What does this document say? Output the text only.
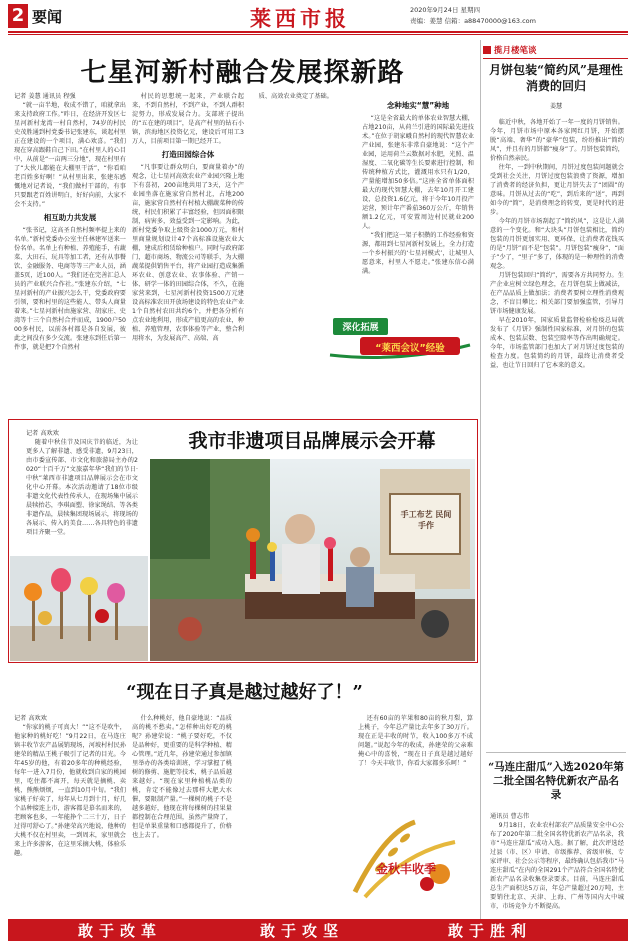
2 要闻	莱西市报	2020年9月24日 星期四
责编：姜慧 信箱：a88470000@163.com
七星河新村融合发展探新路
记者 姜慧 通讯员 程强

“就一亩半地，收成不错了，咱就拿出来支持政府工作。”昨日，在经济开发区七星河新村龙湾一村自然村，74岁的村民史茂胜通到村党委书记张建东，谈起村里正在建设的一个项目，满心欢喜。“我们现在穿高跟鞋自己下田。”在村里人的心目中，从前是“一亩两三分地”，现在村里有了“大伙儿都能在大棚里干活”，“你看咱老百姓多好啊！”从村里出来，张建东感慨地对记者说，“我们做村干部的，有事只要跟老百姓讲明白，好好向前，大家不会不支持。”

相互助力共发展

“张书记，这高圣自然村频率提上来的名单。”新村党委办公室主任林建军送来一份名单。名单上有种植、养殖能手，有蔬菜、大田石、玩具等加工者，还有从事餐饮、金融服务、电商等等三产业人员，涵盖5页，近100人。“我们还在完善汇总人员的产业联兴合作社。”张建东介绍，“七星河新村的产业振兴怎么干，党委政府要引领，要和村里的这些能人、带头人商量着来。”七星河新村由施家营、胡家庄、史湾等十三个自然村合并而成，1900户5000多村民，以前各村都是各自发展，彼此之间没有多少交流。张建东到任后第一件事，就是把7个自然村

村民的思想统一起来，产业联合起来，不到自然村，不到产业，不到人群积淀努力，形成发展合力。支部班子提出的“五在建的项目”，是高产村里的钻石小镇，滨海地区投资亿元，建设后可用工3万人，目前项目第一期已经开工。

打造田园综合体

“凡事要让群众明白，要商量着办”的观念，让七星河高效农业产业园兴隆上地下有喜初，200亩地共用了3天，这个产业园坐落在施家营自然村北，占地200亩，施家营自然村有村植大棚蔬菜种的传统，村民们积累了丰富经验，但因面积限制，病害多，效益受到一定影响。为此，新村党委争取上级资金1000万元，和村里商量规划设计47个高标准设施农业大棚，建成后租赁给种植户。同时与政府部门，超市商场、物流公司等联手，为大棚蔬菜提供销售平台，将产业园打造成集循环农业、创意农业、农事体验、产销一体、研学一体的田园综合体，不久，在施家营来到，七星河新村投资1500万元建设高标准农田开放场建设的特色农业产业1个自然村农田共约6个，并把各分析有点农业地利用，形成产值更高的农业，种植、养殖管理，农事体验等产业，整合利用将水，为发展高产、高端、高

质、高效农业奠定了基础。

念种地实“慧”种地

“这是全省最大的单体农业智慧大棚，占地210亩，从荷兰引进的国际最先进技术。”在位于胡家峨自然村的现代智慧农业产业园，张建东非常自豪地说：“这个产业园，运用荷兰云数据对水肥，光照、温湿度、二氧化碳等生长要素进行控制，和传统种植方式比，灌溉用水只有1/20，产量能增加50多倍。”这座全省单体面积最大的现代智慧大棚，去年10月开工建设，总投资1.6亿元，将于今年10月投产运营，预计年产番茄360万公斤，年销售额1.2亿元，可安置周边村民就业200人。

“我们把这一架子积攒的工作经验和资源，都用到七星河新村发展上，全力打造一个乡村振兴的‘七星河模式’，让城里人愿意来，村里人不愿走。”张建东信心满满。

深化拓展
“莱西会议”经验
我市非遗项目品牌展示会开幕
记者 高欢欢

随着中秋佳节及国庆节的临近，为让更多人了解非遗、感受非遗，9月23日，由市委宣传部、市文化和旅游局主办的2020“十百千万”文旅嘉年华“我们的节日·中秋”莱西市非遗项目品牌展示会在市文化中心开幕。本次活动邀请了18位市级非遗文化代表性传承人，在现场集中展示晨犊抬芯，李琪面塑、徐家绳结、等各类非遗作品，晨犊集团现场展示，将现场的各展示、传入的美食……各具特色的非遗项目齐聚一堂。

手工布艺 民间手作
“现在日子真是越过越好了！”
记者 高欢欢

“你家的桃子可真大！”“这不是吹牛，他家种的桃好吃！”9月22日，在马连庄镇丰收节农产品展销现场，河坡村村民孙建荣的精品王桃子吸引了记者的目光。今年45岁的他，有着20多年的种桃经验，每年一进入7月份，他就收到自家的桃园里，吃住都不离开，每天就是摘桃、卖桃，熊熊烦烦，一直到10月中旬。“我们家桃子好卖了，每年从七月到十月，好几个品种接连上市，游客都是慕名而来的，老顾客也多，一年能挣个二三十万，日子过得可舒心了。”孙建荣高兴地说，他种的大桃不仅在村里卖，一到周末，家里就会来上许多游客，在这里采摘大桃，体验乐趣。

什么种桃好，他自豪地说：“品质高的桃不愁卖。”怎样种出好吃的桃呢？孙建荣说：“桃子要好吃，不仅是品种好，更重要的是科学种植、精心管理。”近几年，孙建荣通过参加镇里举办的各类培训班，学习掌握了桃树的修剪、施肥等技术，桃子品质越来越好。“现在家里种植桃品类的桃，肯定不能像过去那样大肥大水催，要限制产量。”一棵树的桃子不是越多越好，他现在将每棵树的挂果量都控制在合理范围，虽然产量降了，但是单果重量和口感都提升了，价格也上去了。

还有60亩的苹果和80亩的秋月梨，算上桃子，今年总产量比去年多了30万斤。现在正是丰收的时节，收入100多万不成问题。”说起今年的收成，孙建荣的父亲难掩心中的喜悦，“现在日子真是越过越好了！今天丰收节，你看大家都多乐呵！”

金秋丰收季
揽月楼笔谈
月饼包装“简约风”是理性消费的回归
姜慧

临近中秋，各地开始了一年一度的月饼销售。今年，月饼市场中原本各家网红月饼，开始摆脱“高端、奢华”的“豪华”包装，纷纷推出“简约风”，并且有的月饼都“瘦身”了。月饼包装简约，价格自然亲民。

往年，一到中秋期间，月饼过度包装问题就会受到社会关注，月饼过度包装浪费了资源，增加了消费者的经济负担，更让月饼失去了“团圆”的意味。月饼从过去的“吃”，到后来的“送”，再到如今的“简”，是消费理念的转变，更是时代的进步。

今年的月饼市场刮起了“简约风”，这是让人满意的一个变化。和“大块头”月饼包装相比，简约包装的月饼更加实用、更环保，让消费者花钱买的是“月饼”而不是“包装”。月饼包装“瘦身”，“面子”少了，“里子”多了，体现的是一种理性的消费观念。

月饼包装回归“简约”，需要各方共同努力。生产企业应树立绿色理念，在月饼包装上做减法，在产品品质上做加法；消费者要树立理性消费观念，不盲目攀比；相关部门要加强监管，引导月饼市场健康发展。

早在2010年，国家质量监督检验检疫总局就发布了《月饼》强制性国家标准，对月饼的包装成本、包装层数、包装空隙率等作出明确规定。今年，市场监管部门也加大了对月饼过度包装的检查力度。包装简约的月饼，最终让消费者受益，也让节日回归了它本来的意义。

“马连庄甜瓜”入选2020年第二批全国名特优新农产品名录
通讯员 曹志伟

9月18日，农业农村部农产品质量安全中心公布了2020年第二批全国名特优新农产品名录，我市“马连庄甜瓜”成功入选。据了解，此次评选经过县（市、区）申请、市级推荐、省级审核、专家评审、社会公示等程序，最终确认包括我市“马连庄甜瓜”在内的全国291个产品符合全国名特优新农产品名录收集登录要求。目前，马连庄甜瓜总生产面积达5万亩，年总产量超过20万吨，主要销往北京、天津、上海、广州等国内大中城市，市场竞争力不断提高。

敢于改革	敢于攻坚	敢于胜利
